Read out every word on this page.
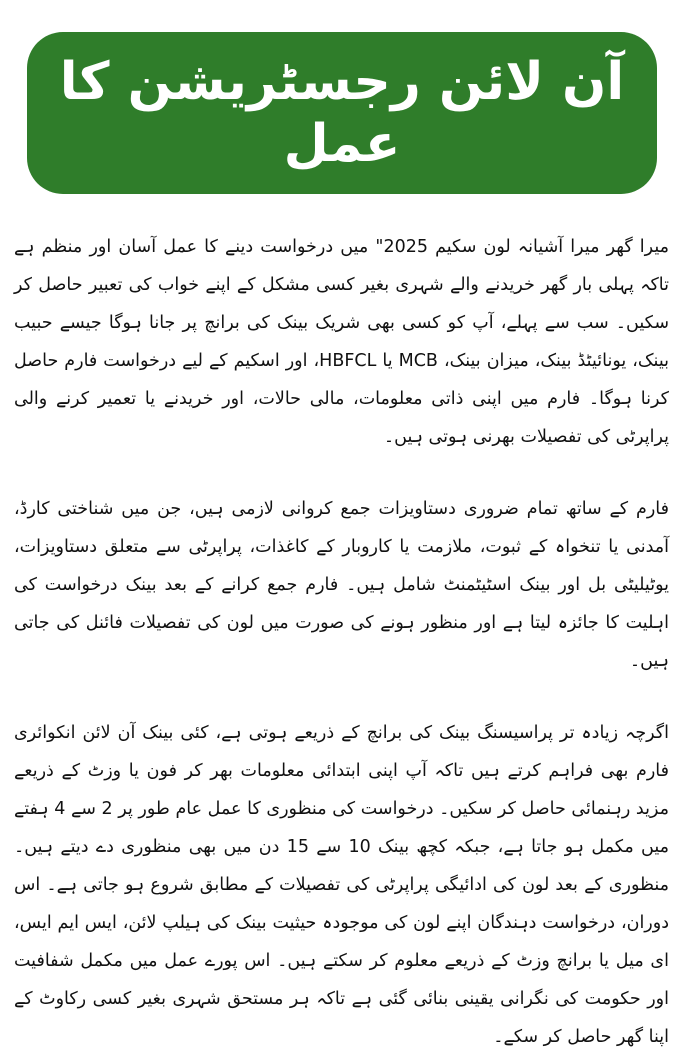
آن لائن رجسٹریشن کا عمل

میرا گھر میرا آشیانہ لون سکیم 2025" میں درخواست دینے کا عمل آسان اور منظم ہے تاکہ پہلی بار گھر خریدنے والے شہری بغیر کسی مشکل کے اپنے خواب کی تعبیر حاصل کر سکیں۔ سب سے پہلے، آپ کو کسی بھی شریک بینک کی برانچ پر جانا ہوگا جیسے حبیب بینک، یونائیٹڈ بینک، میزان بینک، MCB یا HBFCL، اور اسکیم کے لیے درخواست فارم حاصل کرنا ہوگا۔ فارم میں اپنی ذاتی معلومات، مالی حالات، اور خریدنے یا تعمیر کرنے والی پراپرٹی کی تفصیلات بھرنی ہوتی ہیں۔

فارم کے ساتھ تمام ضروری دستاویزات جمع کروانی لازمی ہیں، جن میں شناختی کارڈ، آمدنی یا تنخواہ کے ثبوت، ملازمت یا کاروبار کے کاغذات، پراپرٹی سے متعلق دستاویزات، یوٹیلیٹی بل اور بینک اسٹیٹمنٹ شامل ہیں۔ فارم جمع کرانے کے بعد بینک درخواست کی اہلیت کا جائزہ لیتا ہے اور منظور ہونے کی صورت میں لون کی تفصیلات فائنل کی جاتی ہیں۔

اگرچہ زیادہ تر پراسیسنگ بینک کی برانچ کے ذریعے ہوتی ہے، کئی بینک آن لائن انکوائری فارم بھی فراہم کرتے ہیں تاکہ آپ اپنی ابتدائی معلومات بھر کر فون یا وزٹ کے ذریعے مزید رہنمائی حاصل کر سکیں۔ درخواست کی منظوری کا عمل عام طور پر 2 سے 4 ہفتے میں مکمل ہو جاتا ہے، جبکہ کچھ بینک 10 سے 15 دن میں بھی منظوری دے دیتے ہیں۔ منظوری کے بعد لون کی ادائیگی پراپرٹی کی تفصیلات کے مطابق شروع ہو جاتی ہے۔ اس دوران، درخواست دہندگان اپنے لون کی موجودہ حیثیت بینک کی ہیلپ لائن، ایس ایم ایس، ای میل یا برانچ وزٹ کے ذریعے معلوم کر سکتے ہیں۔ اس پورے عمل میں مکمل شفافیت اور حکومت کی نگرانی یقینی بنائی گئی ہے تاکہ ہر مستحق شہری بغیر کسی رکاوٹ کے اپنا گھر حاصل کر سکے۔
